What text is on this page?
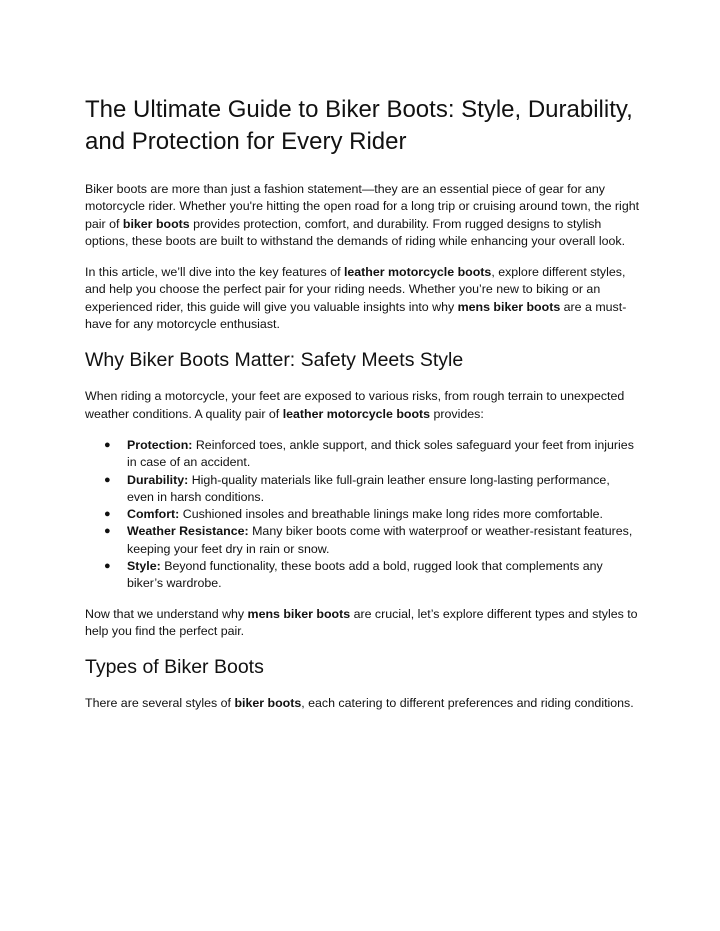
The Ultimate Guide to Biker Boots: Style, Durability, and Protection for Every Rider

Biker boots are more than just a fashion statement—they are an essential piece of gear for any motorcycle rider. Whether you're hitting the open road for a long trip or cruising around town, the right pair of biker boots provides protection, comfort, and durability. From rugged designs to stylish options, these boots are built to withstand the demands of riding while enhancing your overall look.

In this article, we’ll dive into the key features of leather motorcycle boots, explore different styles, and help you choose the perfect pair for your riding needs. Whether you’re new to biking or an experienced rider, this guide will give you valuable insights into why mens biker boots are a must-have for any motorcycle enthusiast.

Why Biker Boots Matter: Safety Meets Style

When riding a motorcycle, your feet are exposed to various risks, from rough terrain to unexpected weather conditions. A quality pair of leather motorcycle boots provides:

● Protection: Reinforced toes, ankle support, and thick soles safeguard your feet from injuries in case of an accident.
● Durability: High-quality materials like full-grain leather ensure long-lasting performance, even in harsh conditions.
● Comfort: Cushioned insoles and breathable linings make long rides more comfortable.
● Weather Resistance: Many biker boots come with waterproof or weather-resistant features, keeping your feet dry in rain or snow.
● Style: Beyond functionality, these boots add a bold, rugged look that complements any biker’s wardrobe.

Now that we understand why mens biker boots are crucial, let’s explore different types and styles to help you find the perfect pair.

Types of Biker Boots

There are several styles of biker boots, each catering to different preferences and riding conditions.
